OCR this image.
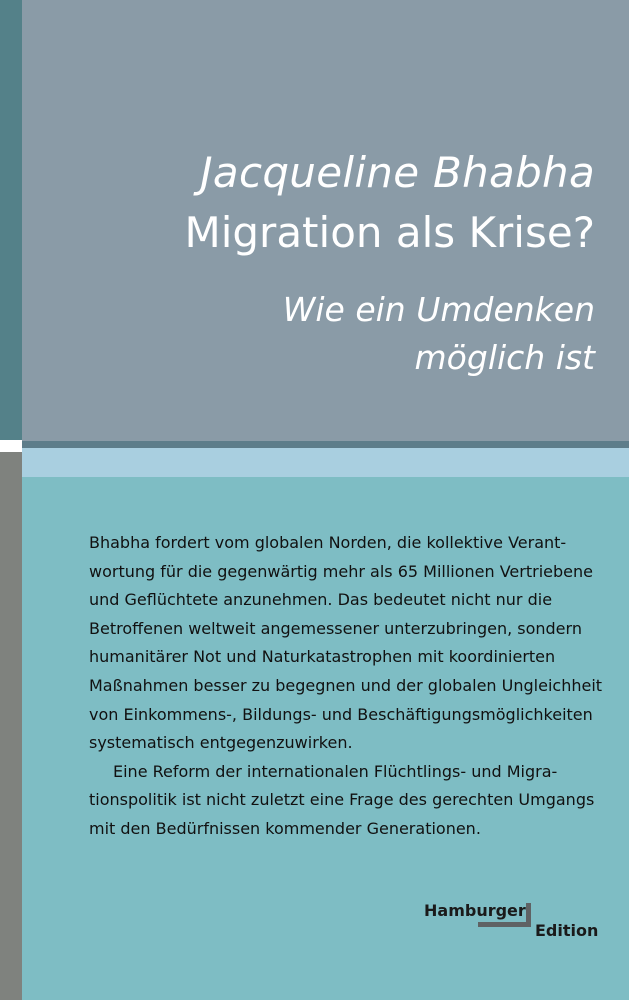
Jacqueline Bhabha
Migration als Krise?
Wie ein Umdenken
möglich ist
Bhabha fordert vom globalen Norden, die kollektive Verant-
wortung für die gegenwärtig mehr als 65 Millionen Vertriebene
und Geflüchtete anzunehmen. Das bedeutet nicht nur die
Betroffenen weltweit angemessener unterzubringen, sondern
humanitärer Not und Naturkatastrophen mit koordinierten
Maßnahmen besser zu begegnen und der globalen Ungleichheit
von Einkommens-, Bildungs- und Beschäftigungsmöglichkeiten
systematisch entgegenzuwirken.
Eine Reform der internationalen Flüchtlings- und Migra-
tionspolitik ist nicht zuletzt eine Frage des gerechten Umgangs
mit den Bedürfnissen kommender Generationen.
Hamburger
Edition
